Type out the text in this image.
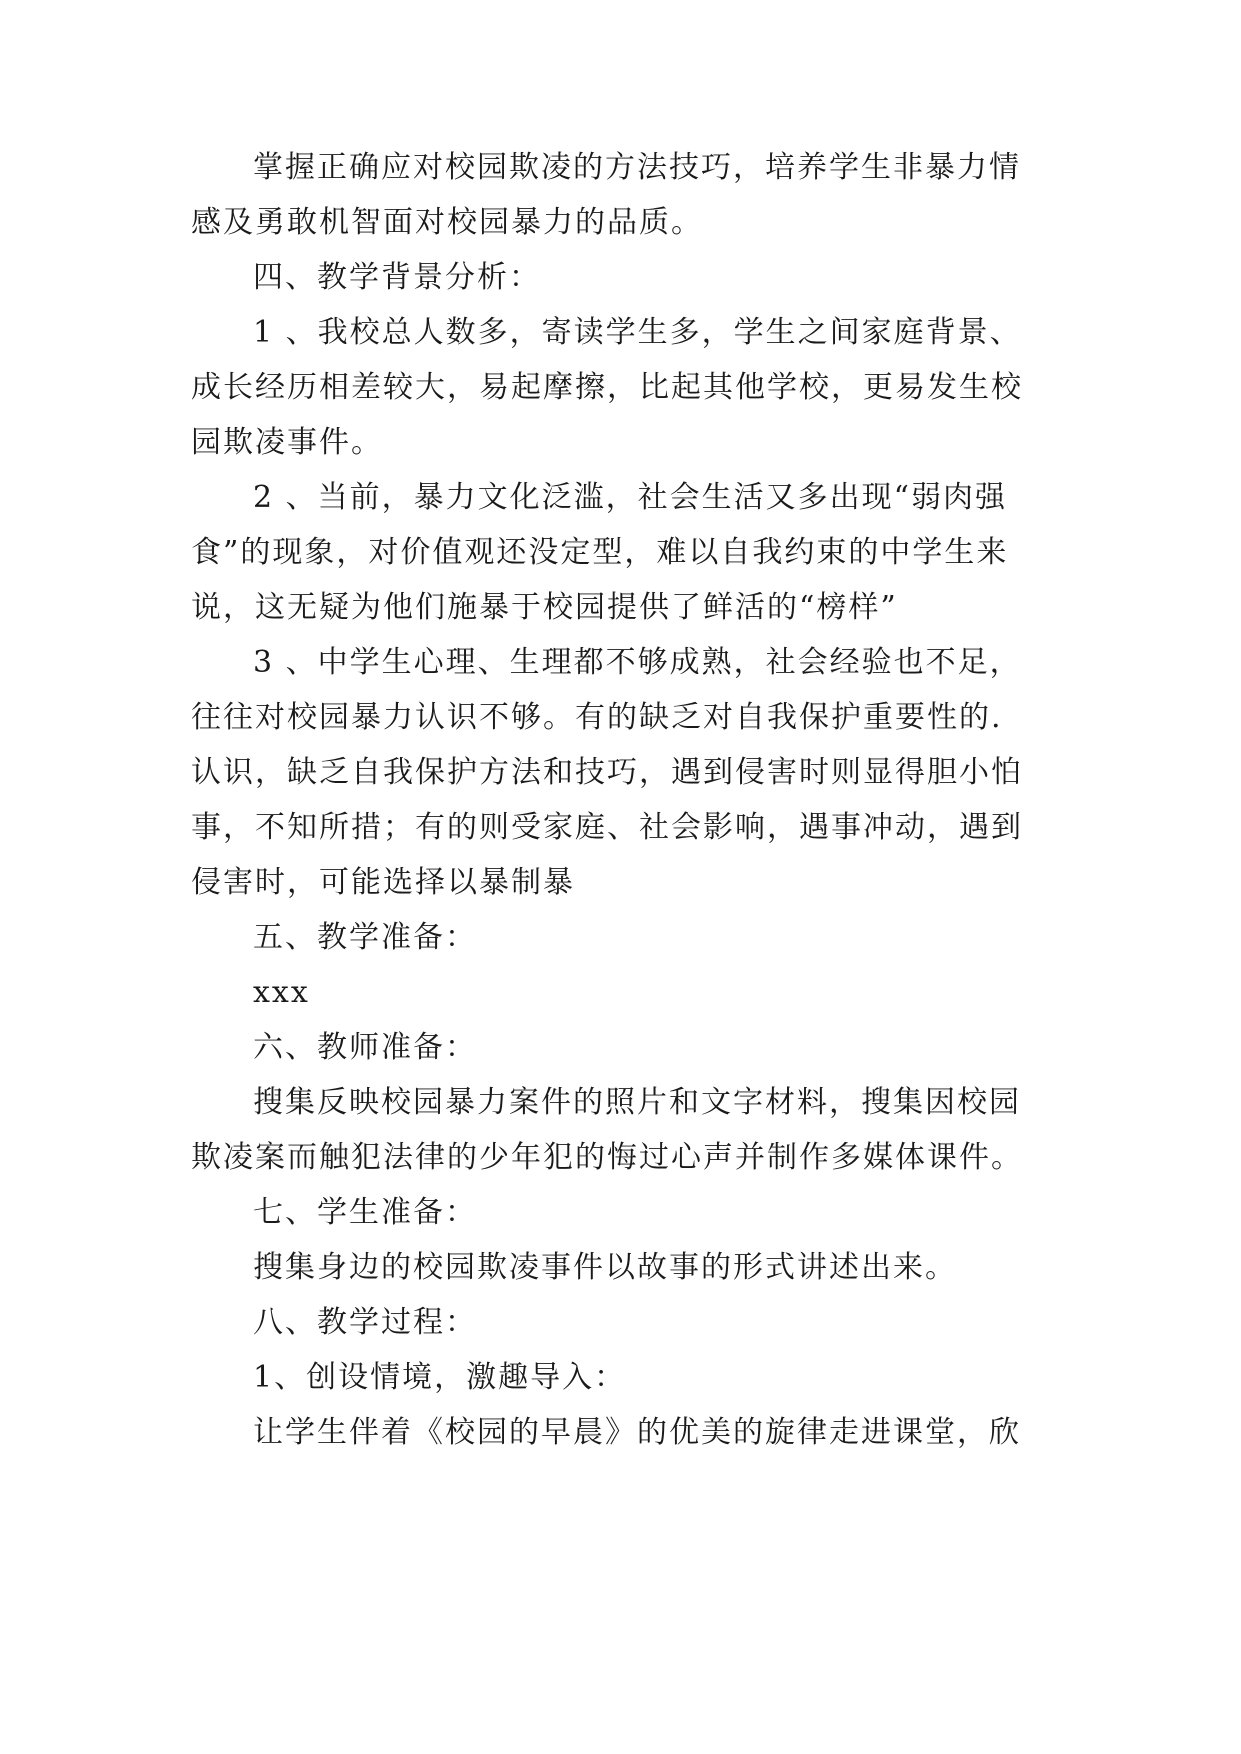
掌握正确应对校园欺凌的方法技巧，培养学生非暴力情

感及勇敢机智面对校园暴力的品质。

四、教学背景分析：

1 、我校总人数多，寄读学生多，学生之间家庭背景、

成长经历相差较大，易起摩擦，比起其他学校，更易发生校

园欺凌事件。

2 、当前，暴力文化泛滥，社会生活又多出现“弱肉强

食”的现象，对价值观还没定型，难以自我约束的中学生来

说，这无疑为他们施暴于校园提供了鲜活的“榜样”

3 、中学生心理、生理都不够成熟，社会经验也不足，

往往对校园暴力认识不够。有的缺乏对自我保护重要性的.

认识，缺乏自我保护方法和技巧，遇到侵害时则显得胆小怕

事，不知所措；有的则受家庭、社会影响，遇事冲动，遇到

侵害时，可能选择以暴制暴

五、教学准备：

xxx

六、教师准备：

搜集反映校园暴力案件的照片和文字材料，搜集因校园

欺凌案而触犯法律的少年犯的悔过心声并制作多媒体课件。

七、学生准备：

搜集身边的校园欺凌事件以故事的形式讲述出来。

八、教学过程：

1、创设情境，激趣导入：

让学生伴着《校园的早晨》的优美的旋律走进课堂，欣
